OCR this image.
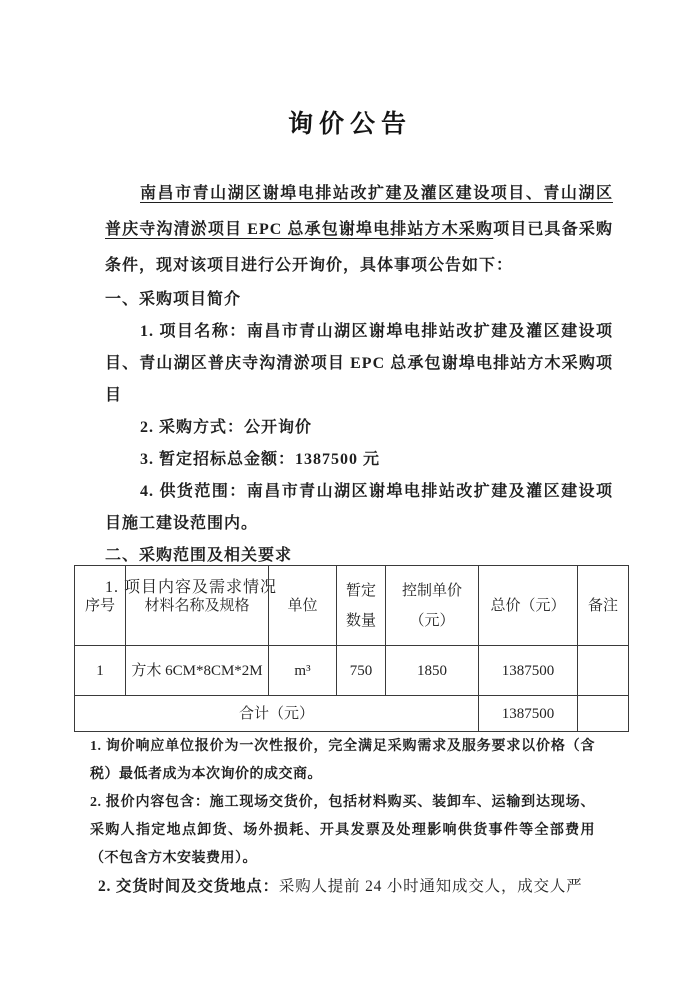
询价公告

南昌市青山湖区谢埠电排站改扩建及灌区建设项目、青山湖区普庆寺沟清淤项目 EPC 总承包谢埠电排站方木采购项目已具备采购条件，现对该项目进行公开询价，具体事项公告如下：

一、采购项目简介

1. 项目名称：南昌市青山湖区谢埠电排站改扩建及灌区建设项目、青山湖区普庆寺沟清淤项目 EPC 总承包谢埠电排站方木采购项目

2. 采购方式：公开询价

3. 暂定招标总金额：1387500 元

4. 供货范围：南昌市青山湖区谢埠电排站改扩建及灌区建设项目施工建设范围内。

二、采购范围及相关要求

1. 项目内容及需求情况

序号	材料名称及规格	单位	暂定数量	控制单价（元）	总价（元）	备注
1	方木 6CM*8CM*2M	m³	750	1850	1387500	
合计（元）					1387500	

1. 询价响应单位报价为一次性报价，完全满足采购需求及服务要求以价格（含税）最低者成为本次询价的成交商。

2. 报价内容包含：施工现场交货价，包括材料购买、装卸车、运输到达现场、采购人指定地点卸货、场外损耗、开具发票及处理影响供货事件等全部费用（不包含方木安装费用）。

2. 交货时间及交货地点：采购人提前 24 小时通知成交人，成交人严
